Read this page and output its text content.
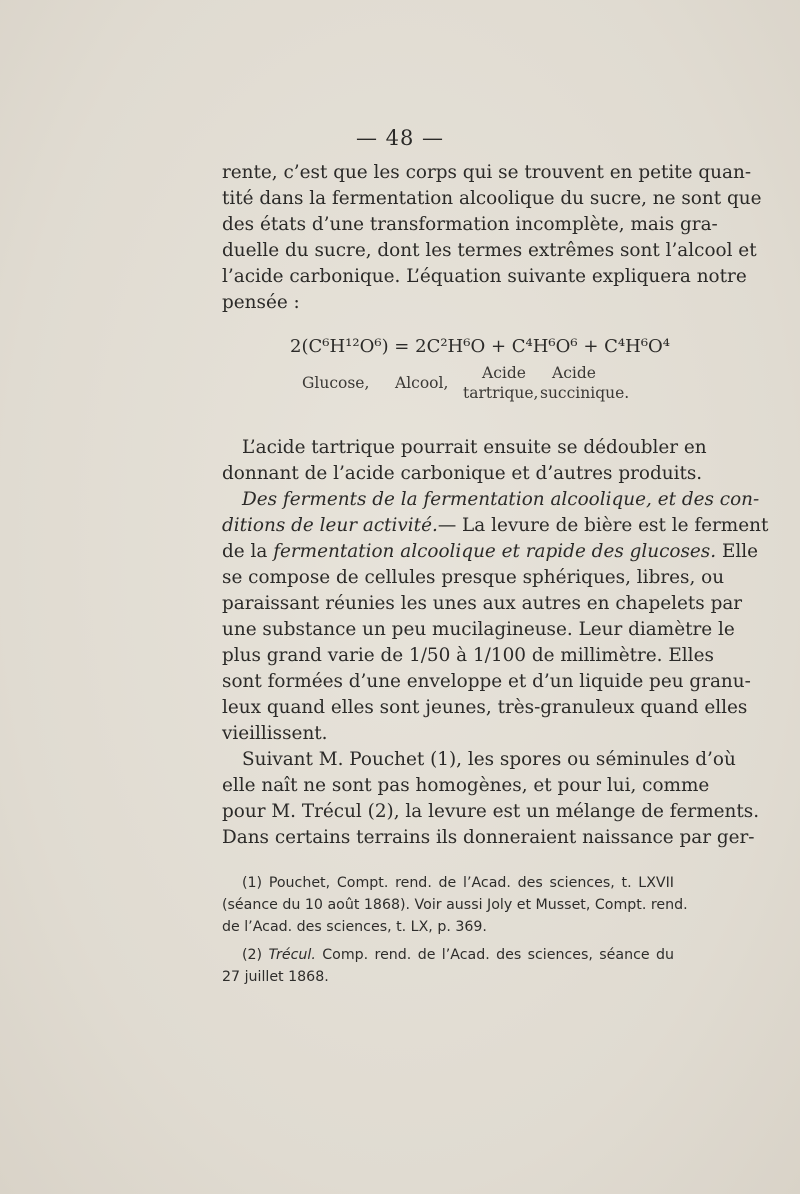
— 48 —
rente, c’est que les corps qui se trouvent en petite quan-
tité dans la fermentation alcoolique du sucre, ne sont que
des états d’une transformation incomplète, mais gra-
duelle du sucre, dont les termes extrêmes sont l’alcool et
l’acide carbonique. L’équation suivante expliquera notre
pensée :
2(C⁶H¹²O⁶) = 2C²H⁶O + C⁴H⁶O⁶ + C⁴H⁶O⁴
Glucose, Alcool,
Acide
tartrique,
Acide
succinique.
L’acide tartrique pourrait ensuite se dédoubler en
donnant de l’acide carbonique et d’autres produits.
Des ferments de la fermentation alcoolique, et des con-
ditions de leur activité.— La levure de bière est le ferment
de la fermentation alcoolique et rapide des glucoses. Elle
se compose de cellules presque sphériques, libres, ou
paraissant réunies les unes aux autres en chapelets par
une substance un peu mucilagineuse. Leur diamètre le
plus grand varie de 1/50 à 1/100 de millimètre. Elles
sont formées d’une enveloppe et d’un liquide peu granu-
leux quand elles sont jeunes, très-granuleux quand elles
vieillissent.
Suivant M. Pouchet (1), les spores ou séminules d’où
elle naît ne sont pas homogènes, et pour lui, comme
pour M. Trécul (2), la levure est un mélange de ferments.
Dans certains terrains ils donneraient naissance par ger-
(1) Pouchet, Compt. rend. de l’Acad. des sciences, t. LXVII
(séance du 10 août 1868). Voir aussi Joly et Musset, Compt. rend.
de l’Acad. des sciences, t. LX, p. 369.
(2) Trécul. Comp. rend. de l’Acad. des sciences, séance du
27 juillet 1868.
